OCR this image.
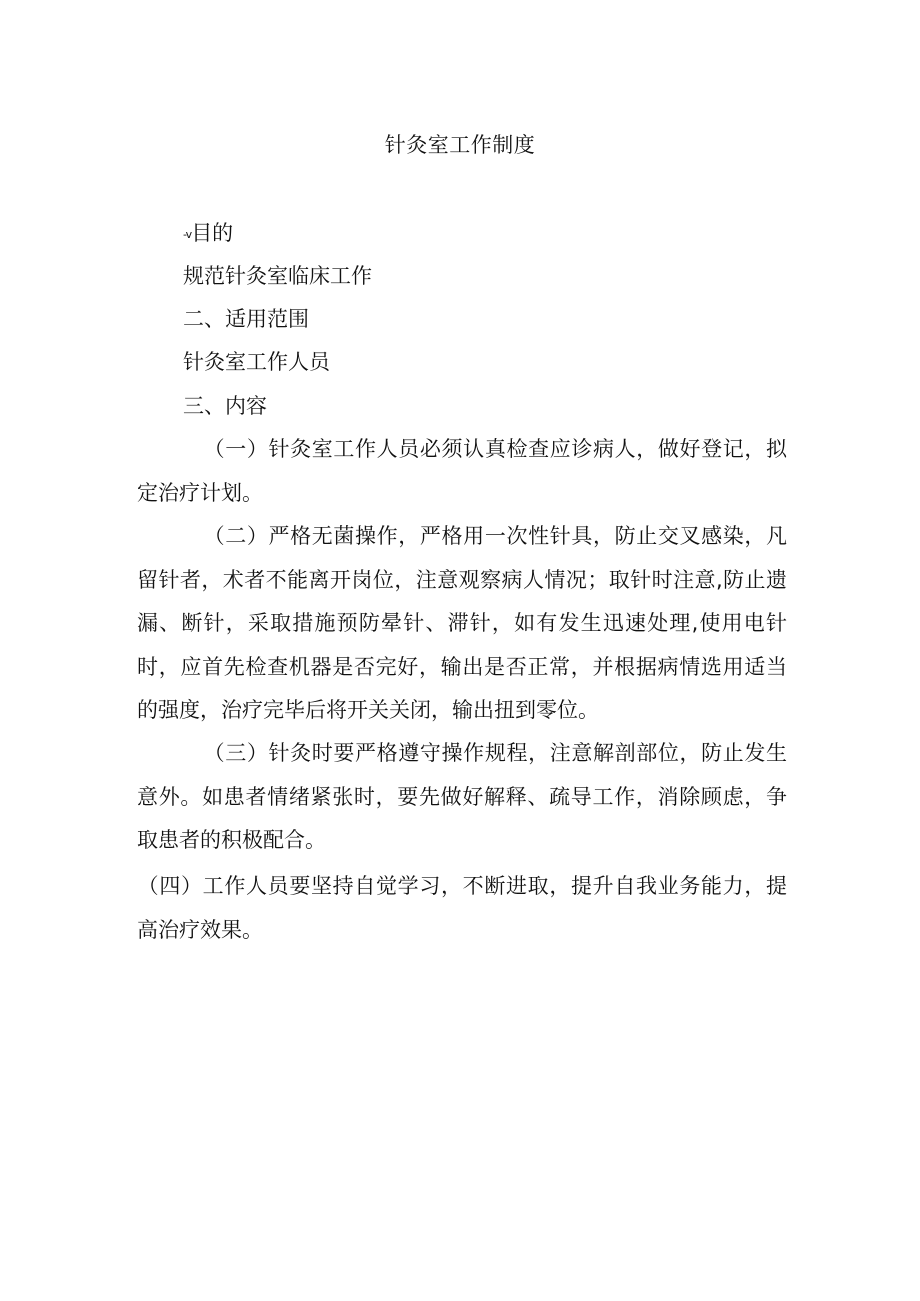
针灸室工作制度
-v目的
规范针灸室临床工作
二、适用范围
针灸室工作人员
三、内容
（一）针灸室工作人员必须认真检查应诊病人，做好登记，拟定治疗计划。
（二）严格无菌操作，严格用一次性针具，防止交叉感染，凡留针者，术者不能离开岗位，注意观察病人情况；取针时注意,防止遗漏、断针，采取措施预防晕针、滞针，如有发生迅速处理,使用电针时，应首先检查机器是否完好，输出是否正常，并根据病情选用适当的强度，治疗完毕后将开关关闭，输出扭到零位。
（三）针灸时要严格遵守操作规程，注意解剖部位，防止发生意外。如患者情绪紧张时，要先做好解释、疏导工作，消除顾虑，争取患者的积极配合。
（四）工作人员要坚持自觉学习，不断进取，提升自我业务能力，提高治疗效果。
